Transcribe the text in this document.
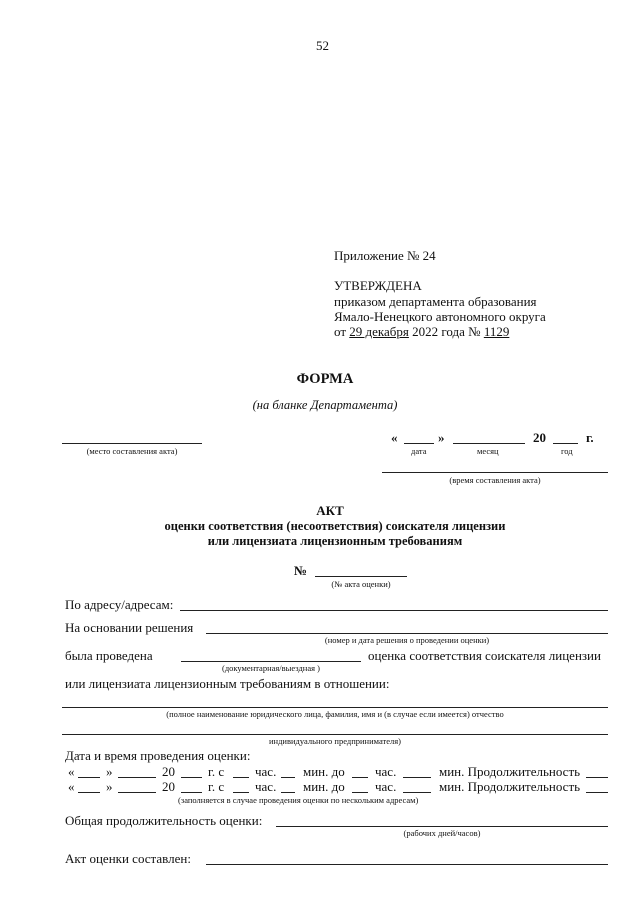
52
Приложение № 24
УТВЕРЖДЕНА
приказом департамента образования
Ямало-Ненецкого автономного округа
от 29 декабря 2022 года № 1129
ФОРМА
(на бланке Департамента)
(место составления акта)
«	»	20	г.
дата	месяц	год
(время составления акта)
АКТ
оценки соответствия (несоответствия) соискателя лицензии
или лицензиата лицензионным требованиям
№
(№ акта оценки)
По адресу/адресам:
На основании решения
(номер и дата решения о проведении оценки)
была проведена	оценка соответствия соискателя лицензии
(документарная/выездная )
или лицензиата лицензионным требованиям в отношении:
(полное наименование юридического лица, фамилия, имя и (в случае если имеется) отчество
индивидуального предпринимателя)
Дата и время проведения оценки:
« »	20	г. с час. мин. до час.	мин. Продолжительность
« »	20	г. с час. мин. до час.	мин. Продолжительность
(заполняется в случае проведения оценки по нескольким адресам)
Общая продолжительность оценки:
(рабочих дней/часов)
Акт оценки составлен:
